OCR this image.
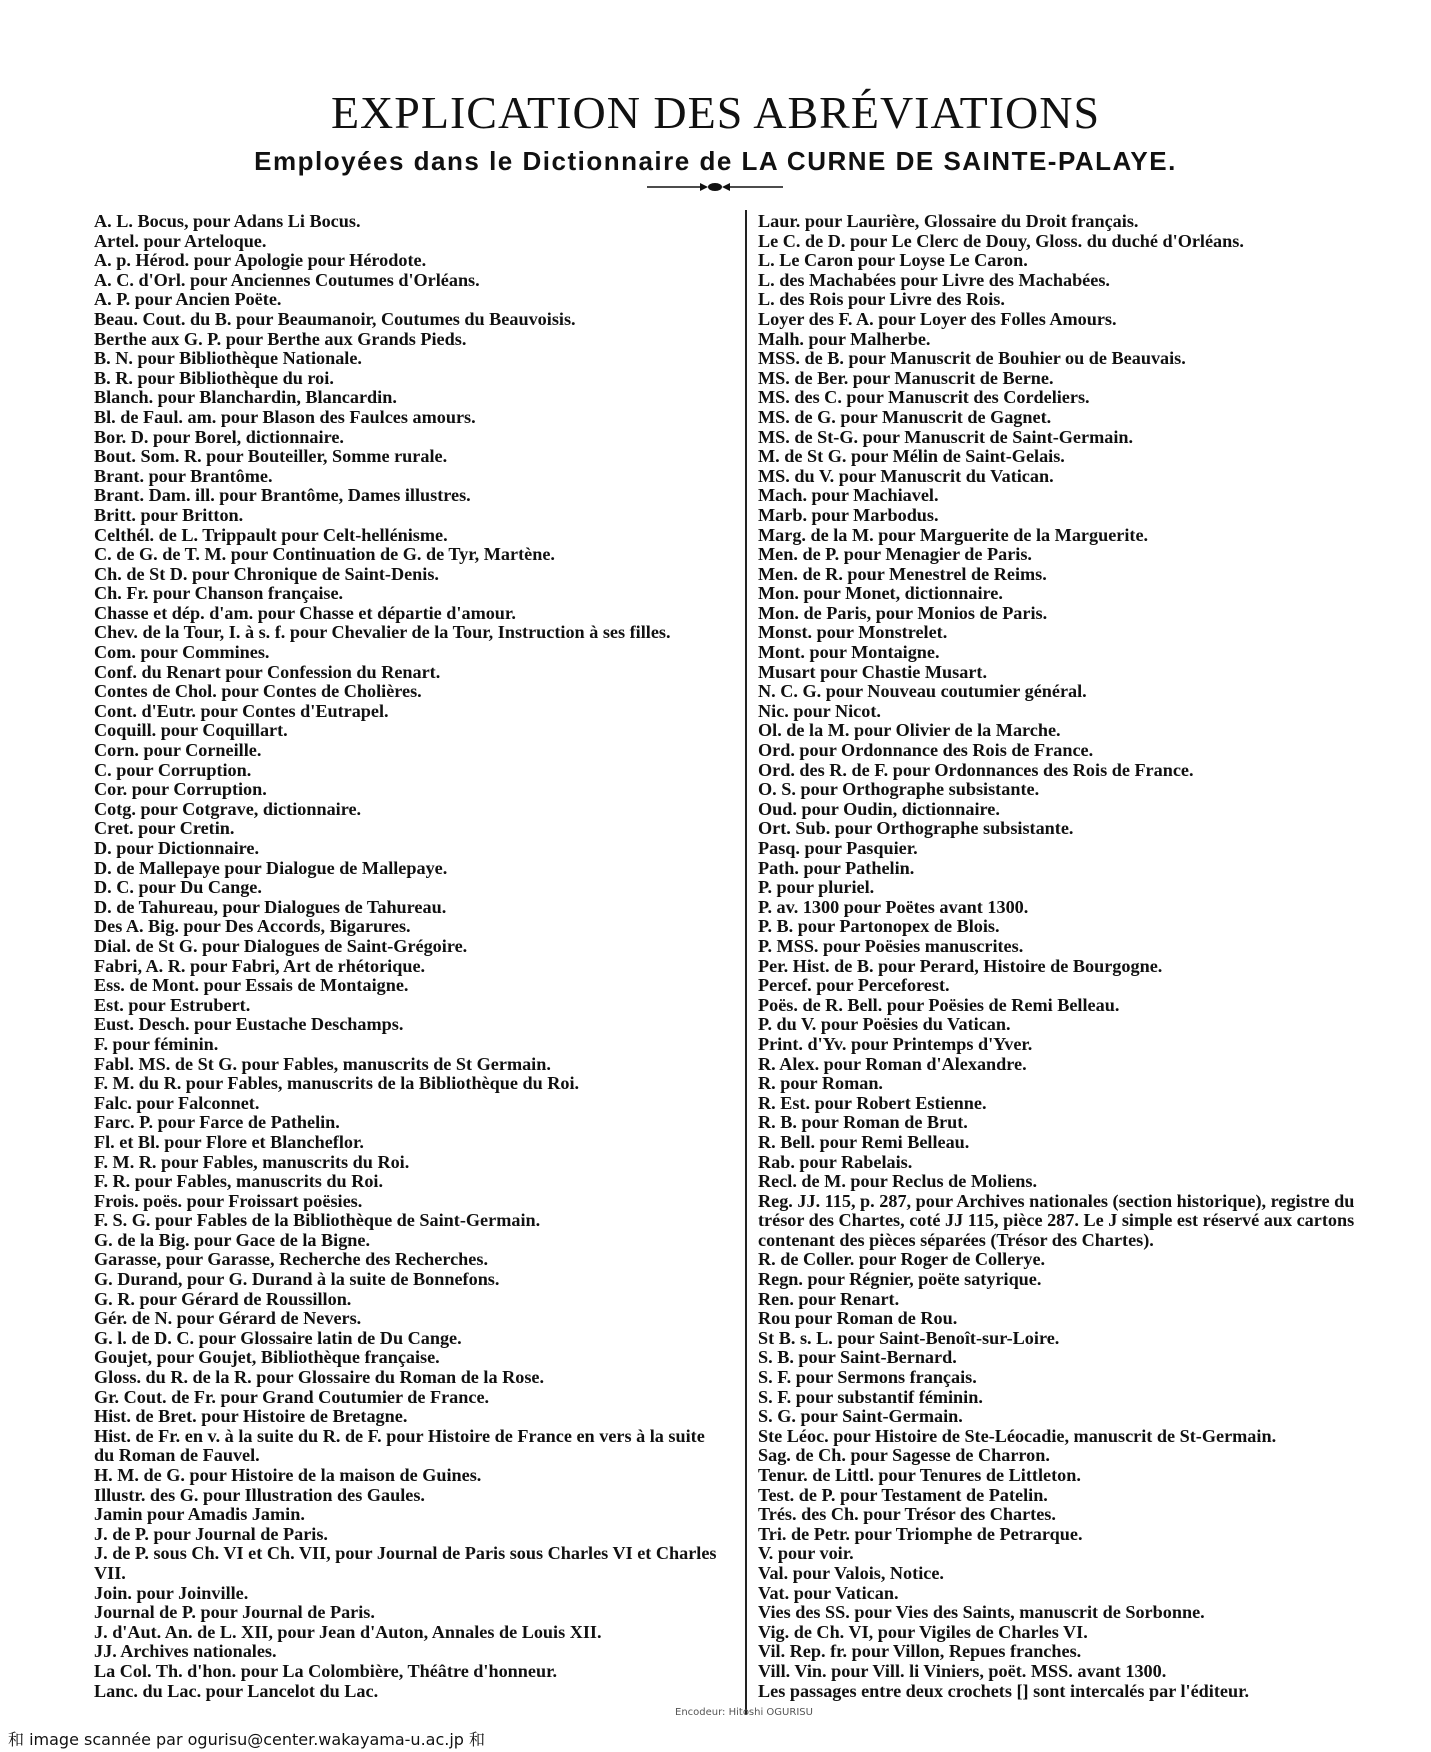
EXPLICATION DES ABRÉVIATIONS
Employées dans le Dictionnaire de LA CURNE DE SAINTE-PALAYE.
A. L. Bocus, pour Adans Li Bocus.
Artel. pour Arteloque.
A. p. Hérod. pour Apologie pour Hérodote.
A. C. d'Orl. pour Anciennes Coutumes d'Orléans.
A. P. pour Ancien Poëte.
Beau. Cout. du B. pour Beaumanoir, Coutumes du Beauvoisis.
Berthe aux G. P. pour Berthe aux Grands Pieds.
B. N. pour Bibliothèque Nationale.
B. R. pour Bibliothèque du roi.
Blanch. pour Blanchardin, Blancardin.
Bl. de Faul. am. pour Blason des Faulces amours.
Bor. D. pour Borel, dictionnaire.
Bout. Som. R. pour Bouteiller, Somme rurale.
Brant. pour Brantôme.
Brant. Dam. ill. pour Brantôme, Dames illustres.
Britt. pour Britton.
Celthél. de L. Trippault pour Celt-hellénisme.
C. de G. de T. M. pour Continuation de G. de Tyr, Martène.
Ch. de St D. pour Chronique de Saint-Denis.
Ch. Fr. pour Chanson française.
Chasse et dép. d'am. pour Chasse et départie d'amour.
Chev. de la Tour, I. à s. f. pour Chevalier de la Tour, Instruction à ses filles.
Com. pour Commines.
Conf. du Renart pour Confession du Renart.
Contes de Chol. pour Contes de Cholières.
Cont. d'Eutr. pour Contes d'Eutrapel.
Coquill. pour Coquillart.
Corn. pour Corneille.
C. pour Corruption.
Cor. pour Corruption.
Cotg. pour Cotgrave, dictionnaire.
Cret. pour Cretin.
D. pour Dictionnaire.
D. de Mallepaye pour Dialogue de Mallepaye.
D. C. pour Du Cange.
D. de Tahureau, pour Dialogues de Tahureau.
Des A. Big. pour Des Accords, Bigarures.
Dial. de St G. pour Dialogues de Saint-Grégoire.
Fabri, A. R. pour Fabri, Art de rhétorique.
Ess. de Mont. pour Essais de Montaigne.
Est. pour Estrubert.
Eust. Desch. pour Eustache Deschamps.
F. pour féminin.
Fabl. MS. de St G. pour Fables, manuscrits de St Germain.
F. M. du R. pour Fables, manuscrits de la Bibliothèque du Roi.
Falc. pour Falconnet.
Farc. P. pour Farce de Pathelin.
Fl. et Bl. pour Flore et Blancheflor.
F. M. R. pour Fables, manuscrits du Roi.
F. R. pour Fables, manuscrits du Roi.
Frois. poës. pour Froissart poësies.
F. S. G. pour Fables de la Bibliothèque de Saint-Germain.
G. de la Big. pour Gace de la Bigne.
Garasse, pour Garasse, Recherche des Recherches.
G. Durand, pour G. Durand à la suite de Bonnefons.
G. R. pour Gérard de Roussillon.
Gér. de N. pour Gérard de Nevers.
G. l. de D. C. pour Glossaire latin de Du Cange.
Goujet, pour Goujet, Bibliothèque française.
Gloss. du R. de la R. pour Glossaire du Roman de la Rose.
Gr. Cout. de Fr. pour Grand Coutumier de France.
Hist. de Bret. pour Histoire de Bretagne.
Hist. de Fr. en v. à la suite du R. de F. pour Histoire de France en vers à la suite du Roman de Fauvel.
H. M. de G. pour Histoire de la maison de Guines.
Illustr. des G. pour Illustration des Gaules.
Jamin pour Amadis Jamin.
J. de P. pour Journal de Paris.
J. de P. sous Ch. VI et Ch. VII, pour Journal de Paris sous Charles VI et Charles VII.
Join. pour Joinville.
Journal de P. pour Journal de Paris.
J. d'Aut. An. de L. XII, pour Jean d'Auton, Annales de Louis XII.
JJ. Archives nationales.
La Col. Th. d'hon. pour La Colombière, Théâtre d'honneur.
Lanc. du Lac. pour Lancelot du Lac.
Laur. pour Laurière, Glossaire du Droit français.
Le C. de D. pour Le Clerc de Douy, Gloss. du duché d'Orléans.
L. Le Caron pour Loyse Le Caron.
L. des Machabées pour Livre des Machabées.
L. des Rois pour Livre des Rois.
Loyer des F. A. pour Loyer des Folles Amours.
Malh. pour Malherbe.
MSS. de B. pour Manuscrit de Bouhier ou de Beauvais.
MS. de Ber. pour Manuscrit de Berne.
MS. des C. pour Manuscrit des Cordeliers.
MS. de G. pour Manuscrit de Gagnet.
MS. de St-G. pour Manuscrit de Saint-Germain.
M. de St G. pour Mélin de Saint-Gelais.
MS. du V. pour Manuscrit du Vatican.
Mach. pour Machiavel.
Marb. pour Marbodus.
Marg. de la M. pour Marguerite de la Marguerite.
Men. de P. pour Menagier de Paris.
Men. de R. pour Menestrel de Reims.
Mon. pour Monet, dictionnaire.
Mon. de Paris, pour Monios de Paris.
Monst. pour Monstrelet.
Mont. pour Montaigne.
Musart pour Chastie Musart.
N. C. G. pour Nouveau coutumier général.
Nic. pour Nicot.
Ol. de la M. pour Olivier de la Marche.
Ord. pour Ordonnance des Rois de France.
Ord. des R. de F. pour Ordonnances des Rois de France.
O. S. pour Orthographe subsistante.
Oud. pour Oudin, dictionnaire.
Ort. Sub. pour Orthographe subsistante.
Pasq. pour Pasquier.
Path. pour Pathelin.
P. pour pluriel.
P. av. 1300 pour Poëtes avant 1300.
P. B. pour Partonopex de Blois.
P. MSS. pour Poësies manuscrites.
Per. Hist. de B. pour Perard, Histoire de Bourgogne.
Percef. pour Perceforest.
Poës. de R. Bell. pour Poësies de Remi Belleau.
P. du V. pour Poësies du Vatican.
Print. d'Yv. pour Printemps d'Yver.
R. Alex. pour Roman d'Alexandre.
R. pour Roman.
R. Est. pour Robert Estienne.
R. B. pour Roman de Brut.
R. Bell. pour Remi Belleau.
Rab. pour Rabelais.
Recl. de M. pour Reclus de Moliens.
Reg. JJ. 115, p. 287, pour Archives nationales (section historique), registre du trésor des Chartes, coté JJ 115, pièce 287. Le J simple est réservé aux cartons contenant des pièces séparées (Trésor des Chartes).
R. de Coller. pour Roger de Collerye.
Regn. pour Régnier, poëte satyrique.
Ren. pour Renart.
Rou pour Roman de Rou.
St B. s. L. pour Saint-Benoît-sur-Loire.
S. B. pour Saint-Bernard.
S. F. pour Sermons français.
S. F. pour substantif féminin.
S. G. pour Saint-Germain.
Ste Léoc. pour Histoire de Ste-Léocadie, manuscrit de St-Germain.
Sag. de Ch. pour Sagesse de Charron.
Tenur. de Littl. pour Tenures de Littleton.
Test. de P. pour Testament de Patelin.
Trés. des Ch. pour Trésor des Chartes.
Tri. de Petr. pour Triomphe de Petrarque.
V. pour voir.
Val. pour Valois, Notice.
Vat. pour Vatican.
Vies des SS. pour Vies des Saints, manuscrit de Sorbonne.
Vig. de Ch. VI, pour Vigiles de Charles VI.
Vil. Rep. fr. pour Villon, Repues franches.
Vill. Vin. pour Vill. li Viniers, poët. MSS. avant 1300.
Les passages entre deux crochets [] sont intercalés par l'éditeur.
Encodeur: Hitoshi OGURISU
和 image scannée par ogurisu@center.wakayama-u.ac.jp 和
